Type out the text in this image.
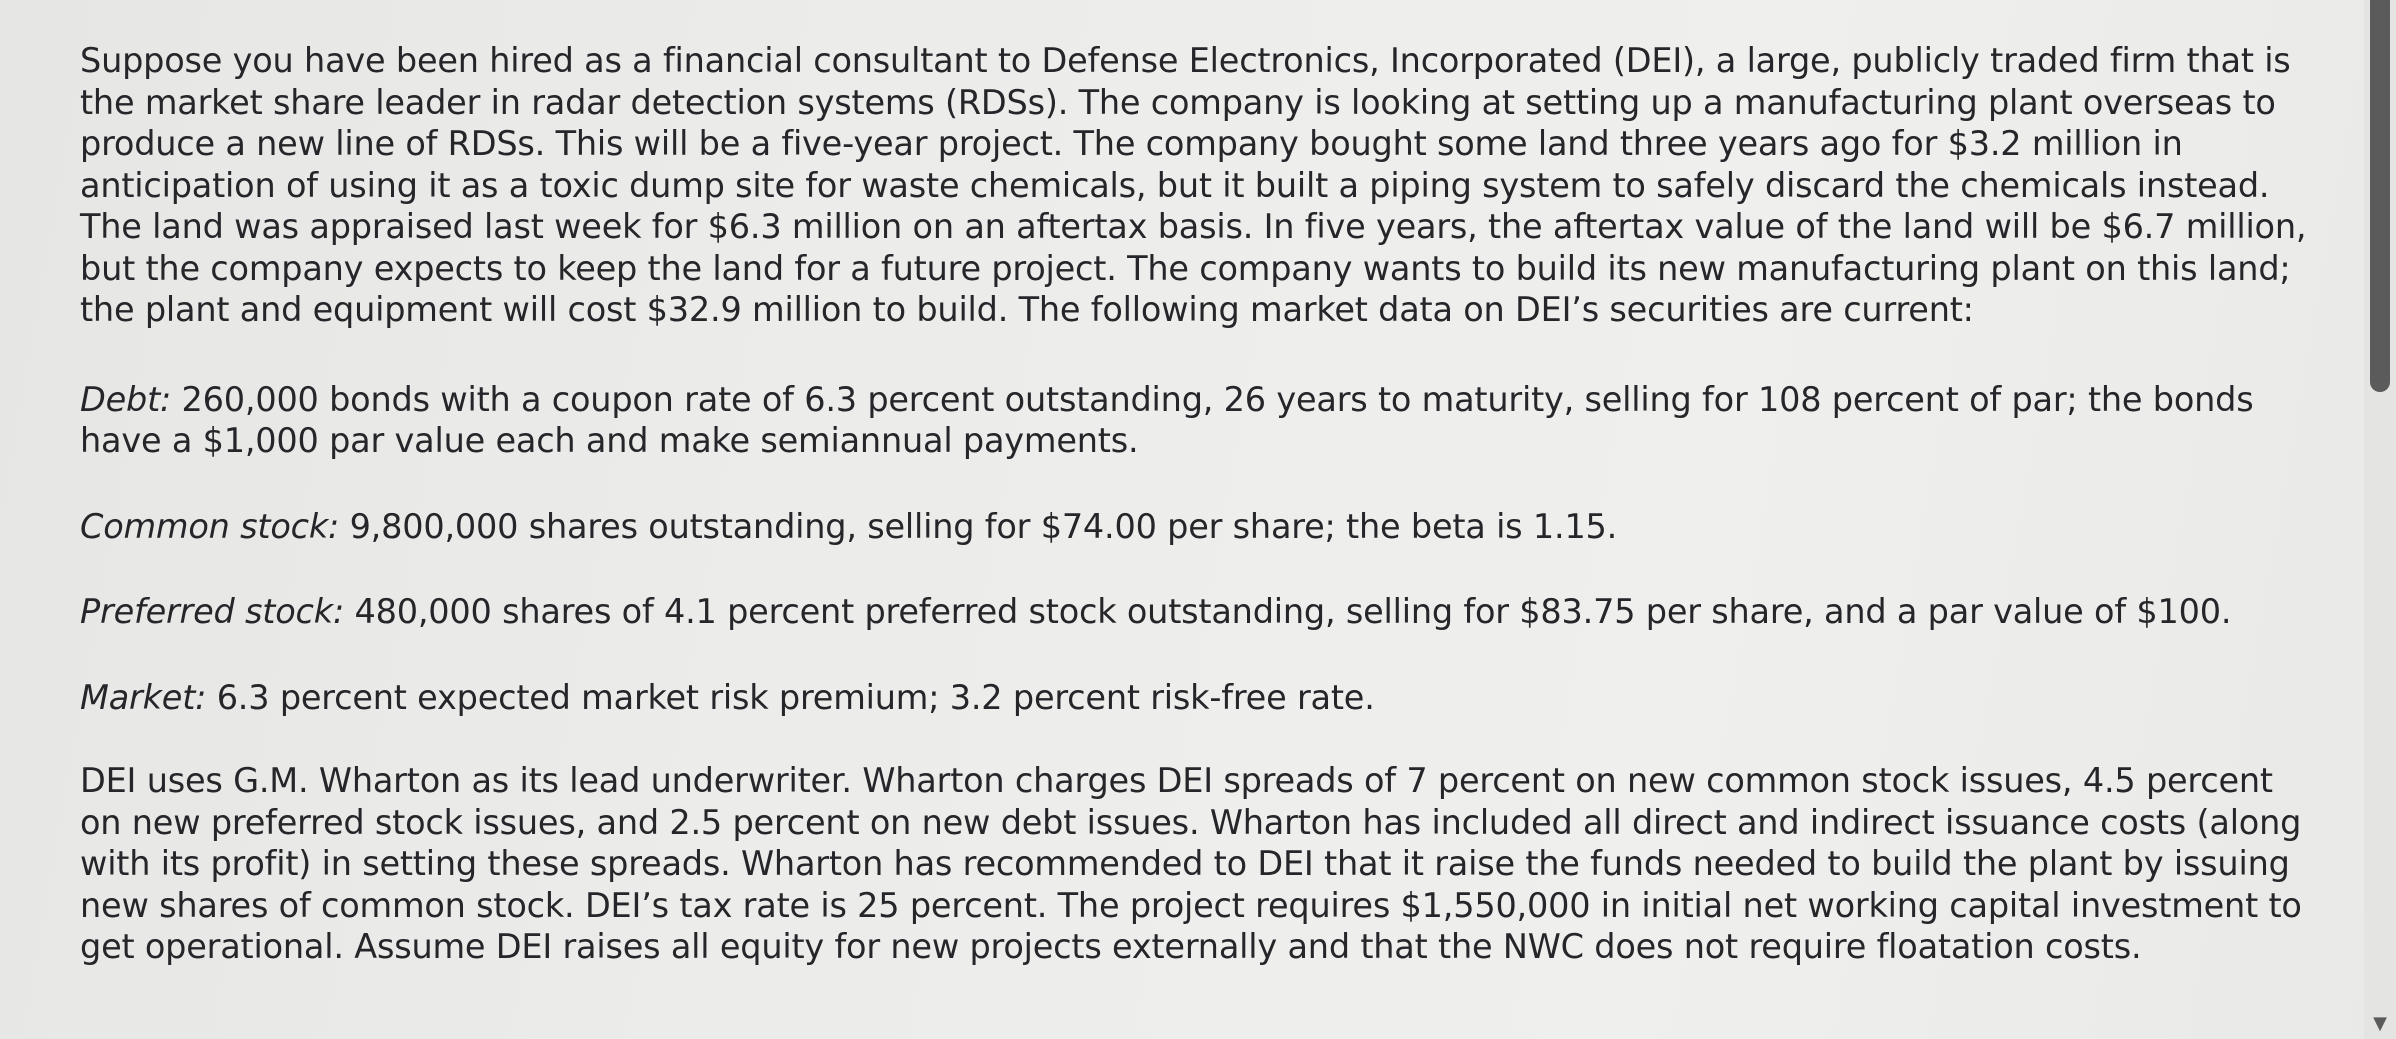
Suppose you have been hired as a financial consultant to Defense Electronics, Incorporated (DEI), a large, publicly traded firm that is the market share leader in radar detection systems (RDSs). The company is looking at setting up a manufacturing plant overseas to produce a new line of RDSs. This will be a five-year project. The company bought some land three years ago for $3.2 million in anticipation of using it as a toxic dump site for waste chemicals, but it built a piping system to safely discard the chemicals instead. The land was appraised last week for $6.3 million on an aftertax basis. In five years, the aftertax value of the land will be $6.7 million, but the company expects to keep the land for a future project. The company wants to build its new manufacturing plant on this land; the plant and equipment will cost $32.9 million to build. The following market data on DEI’s securities are current:

Debt: 260,000 bonds with a coupon rate of 6.3 percent outstanding, 26 years to maturity, selling for 108 percent of par; the bonds have a $1,000 par value each and make semiannual payments.

Common stock: 9,800,000 shares outstanding, selling for $74.00 per share; the beta is 1.15.

Preferred stock: 480,000 shares of 4.1 percent preferred stock outstanding, selling for $83.75 per share, and a par value of $100.

Market: 6.3 percent expected market risk premium; 3.2 percent risk-free rate.

DEI uses G.M. Wharton as its lead underwriter. Wharton charges DEI spreads of 7 percent on new common stock issues, 4.5 percent on new preferred stock issues, and 2.5 percent on new debt issues. Wharton has included all direct and indirect issuance costs (along with its profit) in setting these spreads. Wharton has recommended to DEI that it raise the funds needed to build the plant by issuing new shares of common stock. DEI’s tax rate is 25 percent. The project requires $1,550,000 in initial net working capital investment to get operational. Assume DEI raises all equity for new projects externally and that the NWC does not require floatation costs.

▼
